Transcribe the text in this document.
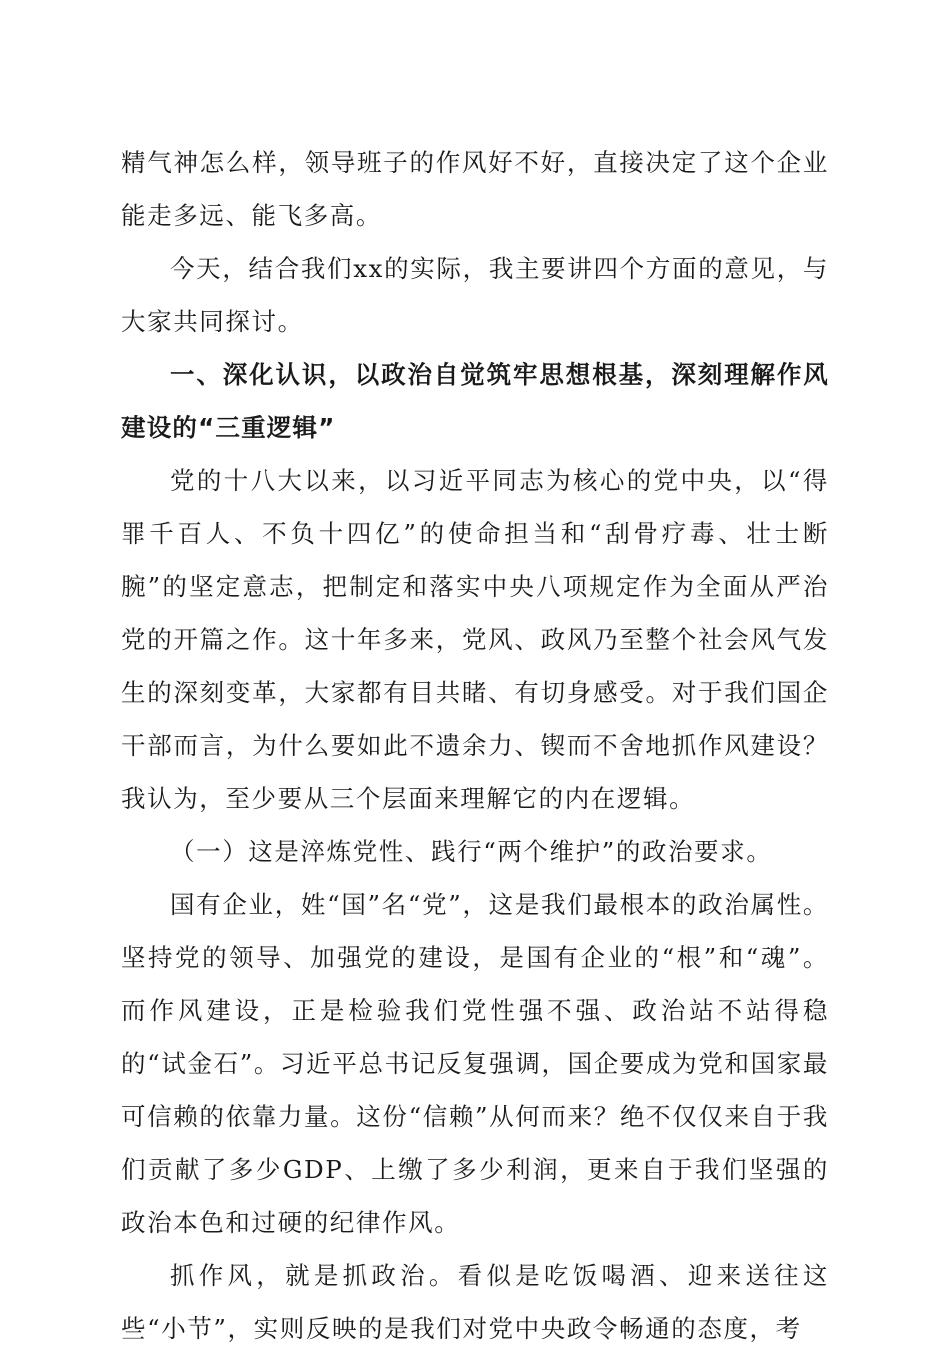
精气神怎么样，领导班子的作风好不好，直接决定了这个企业能走多远、能飞多高。

今天，结合我们xx的实际，我主要讲四个方面的意见，与大家共同探讨。

一、深化认识，以政治自觉筑牢思想根基，深刻理解作风建设的“三重逻辑”

党的十八大以来，以习近平同志为核心的党中央，以“得罪千百人、不负十四亿”的使命担当和“刮骨疗毒、壮士断腕”的坚定意志，把制定和落实中央八项规定作为全面从严治党的开篇之作。这十年多来，党风、政风乃至整个社会风气发生的深刻变革，大家都有目共睹、有切身感受。对于我们国企干部而言，为什么要如此不遗余力、锲而不舍地抓作风建设？我认为，至少要从三个层面来理解它的内在逻辑。

（一）这是淬炼党性、践行“两个维护”的政治要求。

国有企业，姓“国”名“党”，这是我们最根本的政治属性。坚持党的领导、加强党的建设，是国有企业的“根”和“魂”。而作风建设，正是检验我们党性强不强、政治站不站得稳的“试金石”。习近平总书记反复强调，国企要成为党和国家最可信赖的依靠力量。这份“信赖”从何而来？绝不仅仅来自于我们贡献了多少GDP、上缴了多少利润，更来自于我们坚强的政治本色和过硬的纪律作风。

抓作风，就是抓政治。看似是吃饭喝酒、迎来送往这些“小节”，实则反映的是我们对党中央政令畅通的态度，考
